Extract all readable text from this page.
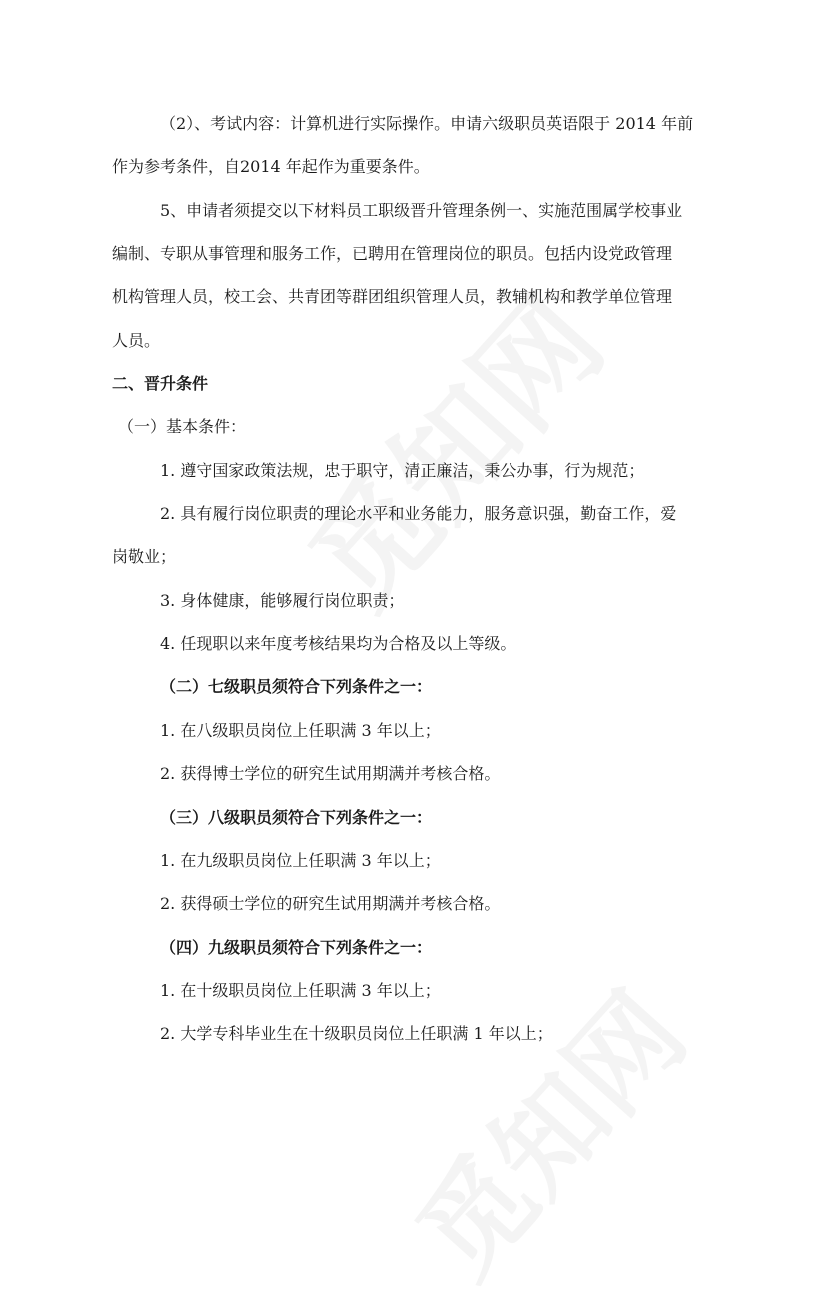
（2）、考试内容：计算机进行实际操作。申请六级职员英语限于 2014 年前
作为参考条件，自2014 年起作为重要条件。
5、申请者须提交以下材料员工职级晋升管理条例一、实施范围属学校事业
编制、专职从事管理和服务工作，已聘用在管理岗位的职员。包括内设党政管理
机构管理人员，校工会、共青团等群团组织管理人员，教辅机构和教学单位管理
人员。
二、晋升条件
（一）基本条件：
1. 遵守国家政策法规，忠于职守，清正廉洁，秉公办事，行为规范；
2. 具有履行岗位职责的理论水平和业务能力，服务意识强，勤奋工作，爱
岗敬业；
3. 身体健康，能够履行岗位职责；
4. 任现职以来年度考核结果均为合格及以上等级。
（二）七级职员须符合下列条件之一：
1. 在八级职员岗位上任职满 3 年以上；
2. 获得博士学位的研究生试用期满并考核合格。
（三）八级职员须符合下列条件之一：
1. 在九级职员岗位上任职满 3 年以上；
2. 获得硕士学位的研究生试用期满并考核合格。
（四）九级职员须符合下列条件之一：
1. 在十级职员岗位上任职满 3 年以上；
2. 大学专科毕业生在十级职员岗位上任职满 1 年以上；
